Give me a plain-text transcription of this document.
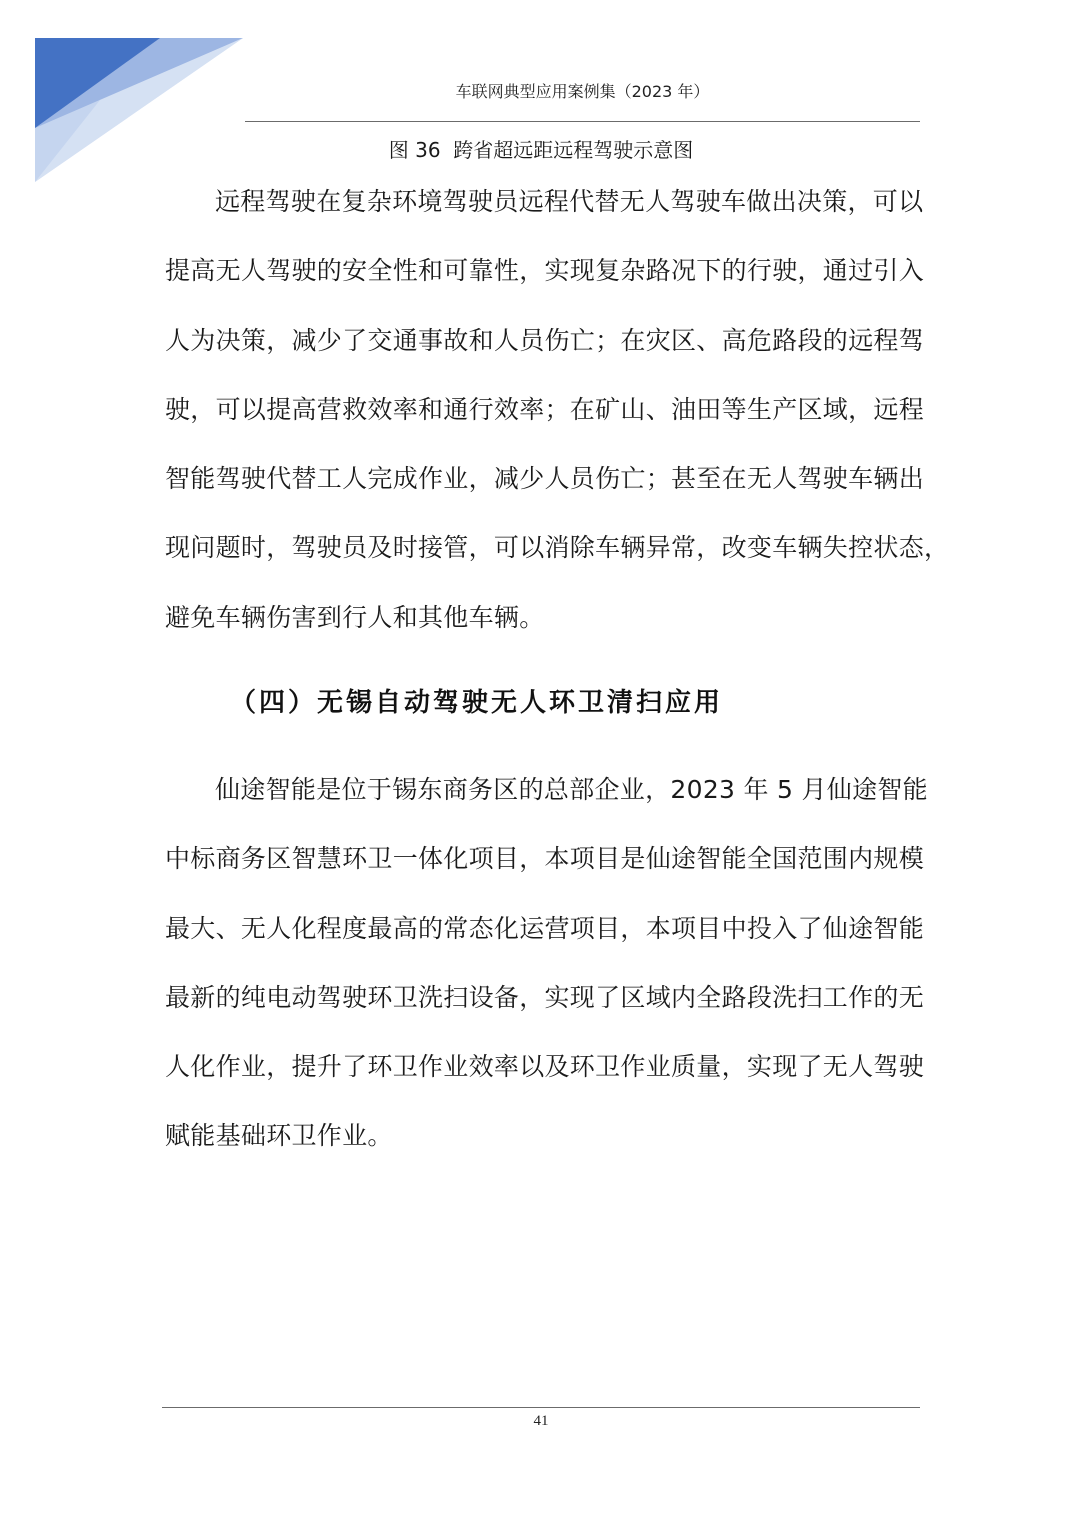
车联网典型应用案例集（2023 年）
图 36  跨省超远距远程驾驶示意图
远程驾驶在复杂环境驾驶员远程代替无人驾驶车做出决策，可以
提高无人驾驶的安全性和可靠性，实现复杂路况下的行驶，通过引入
人为决策，减少了交通事故和人员伤亡；在灾区、高危路段的远程驾
驶，可以提高营救效率和通行效率；在矿山、油田等生产区域，远程
智能驾驶代替工人完成作业，减少人员伤亡；甚至在无人驾驶车辆出
现问题时，驾驶员及时接管，可以消除车辆异常，改变车辆失控状态，
避免车辆伤害到行人和其他车辆。
（四）无锡自动驾驶无人环卫清扫应用
仙途智能是位于锡东商务区的总部企业，2023 年 5 月仙途智能
中标商务区智慧环卫一体化项目，本项目是仙途智能全国范围内规模
最大、无人化程度最高的常态化运营项目，本项目中投入了仙途智能
最新的纯电动驾驶环卫洗扫设备，实现了区域内全路段洗扫工作的无
人化作业，提升了环卫作业效率以及环卫作业质量，实现了无人驾驶
赋能基础环卫作业。
41
